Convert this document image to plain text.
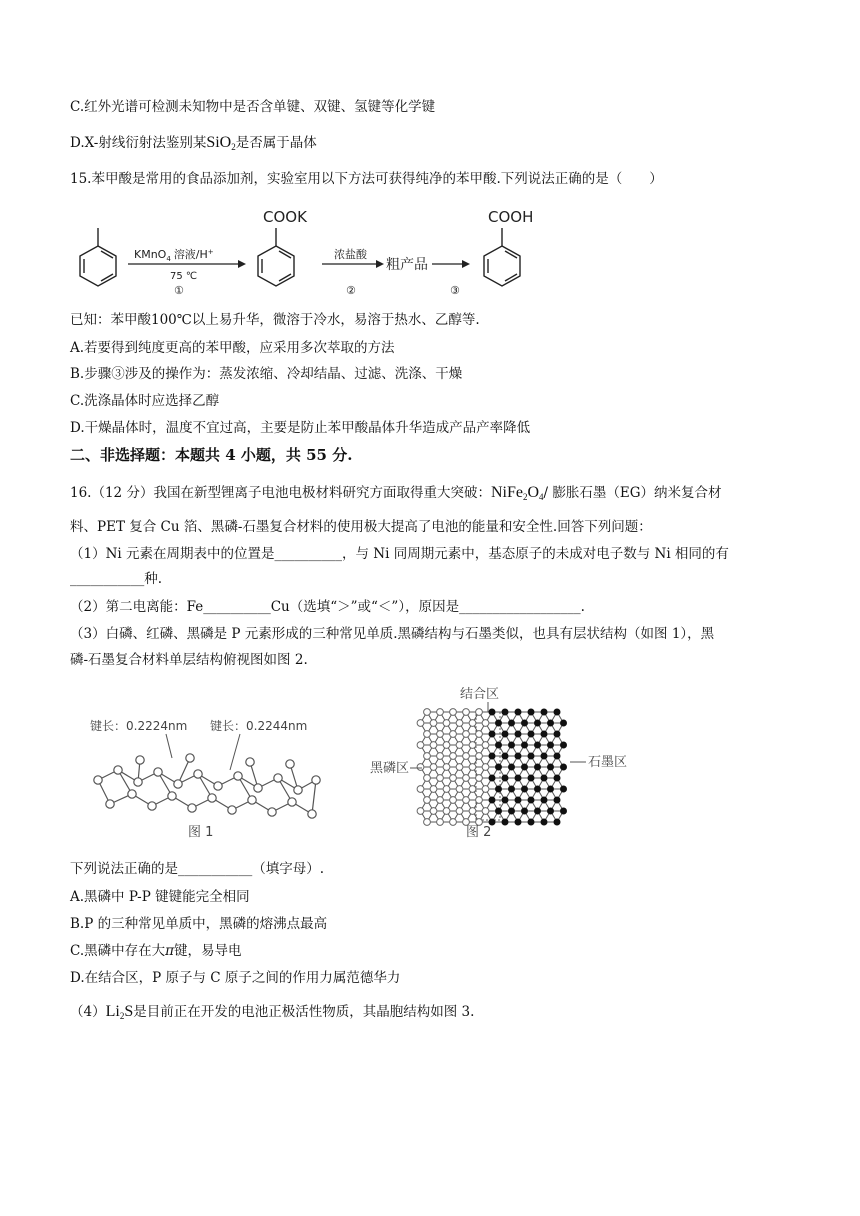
C.红外光谱可检测未知物中是否含单键、双键、氢键等化学键
D.X-射线衍射法鉴别某SiO$_2$是否属于晶体
15.苯甲酸是常用的食品添加剂，实验室用以下方法可获得纯净的苯甲酸.下列说法正确的是（　　）
KMnO$_4$ 溶液/H+
75 ℃
①
COOK
浓盐酸
②
粗产品
③
COOH
已知：苯甲酸100℃以上易升华，微溶于冷水，易溶于热水、乙醇等.
A.若要得到纯度更高的苯甲酸，应采用多次萃取的方法
B.步骤③涉及的操作为：蒸发浓缩、冷却结晶、过滤、洗涤、干燥
C.洗涤晶体时应选择乙醇
D.干燥晶体时，温度不宜过高，主要是防止苯甲酸晶体升华造成产品产率降低
二、非选择题：本题共 4 小题，共 55 分.
16.（12 分）我国在新型锂离子电池电极材料研究方面取得重大突破：$NiFe_2O_4/$ 膨胀石墨（EG）纳米复合材
料、PET 复合 Cu 箔、黑磷-石墨复合材料的使用极大提高了电池的能量和安全性.回答下列问题：
（1）Ni 元素在周期表中的位置是__________，与 Ni 同周期元素中，基态原子的未成对电子数与 Ni 相同的有
___________种.
（2）第二电离能：Fe__________Cu（选填“＞”或“＜”），原因是__________________.
（3）白磷、红磷、黑磷是 P 元素形成的三种常见单质.黑磷结构与石墨类似，也具有层状结构（如图 1），黑
磷-石墨复合材料单层结构俯视图如图 2.
键长：0.2224nm 键长：0.2244nm
图 1
结合区
黑磷区	石墨区
图 2
下列说法正确的是___________（填字母）.
A.黑磷中 P-P 键键能完全相同
B.P 的三种常见单质中，黑磷的熔沸点最高
C.黑磷中存在大π键，易导电
D.在结合区，P 原子与 C 原子之间的作用力属范德华力
$(4)Li_2S$是目前正在开发的电池正极活性物质，其晶胞结构如图 3.
